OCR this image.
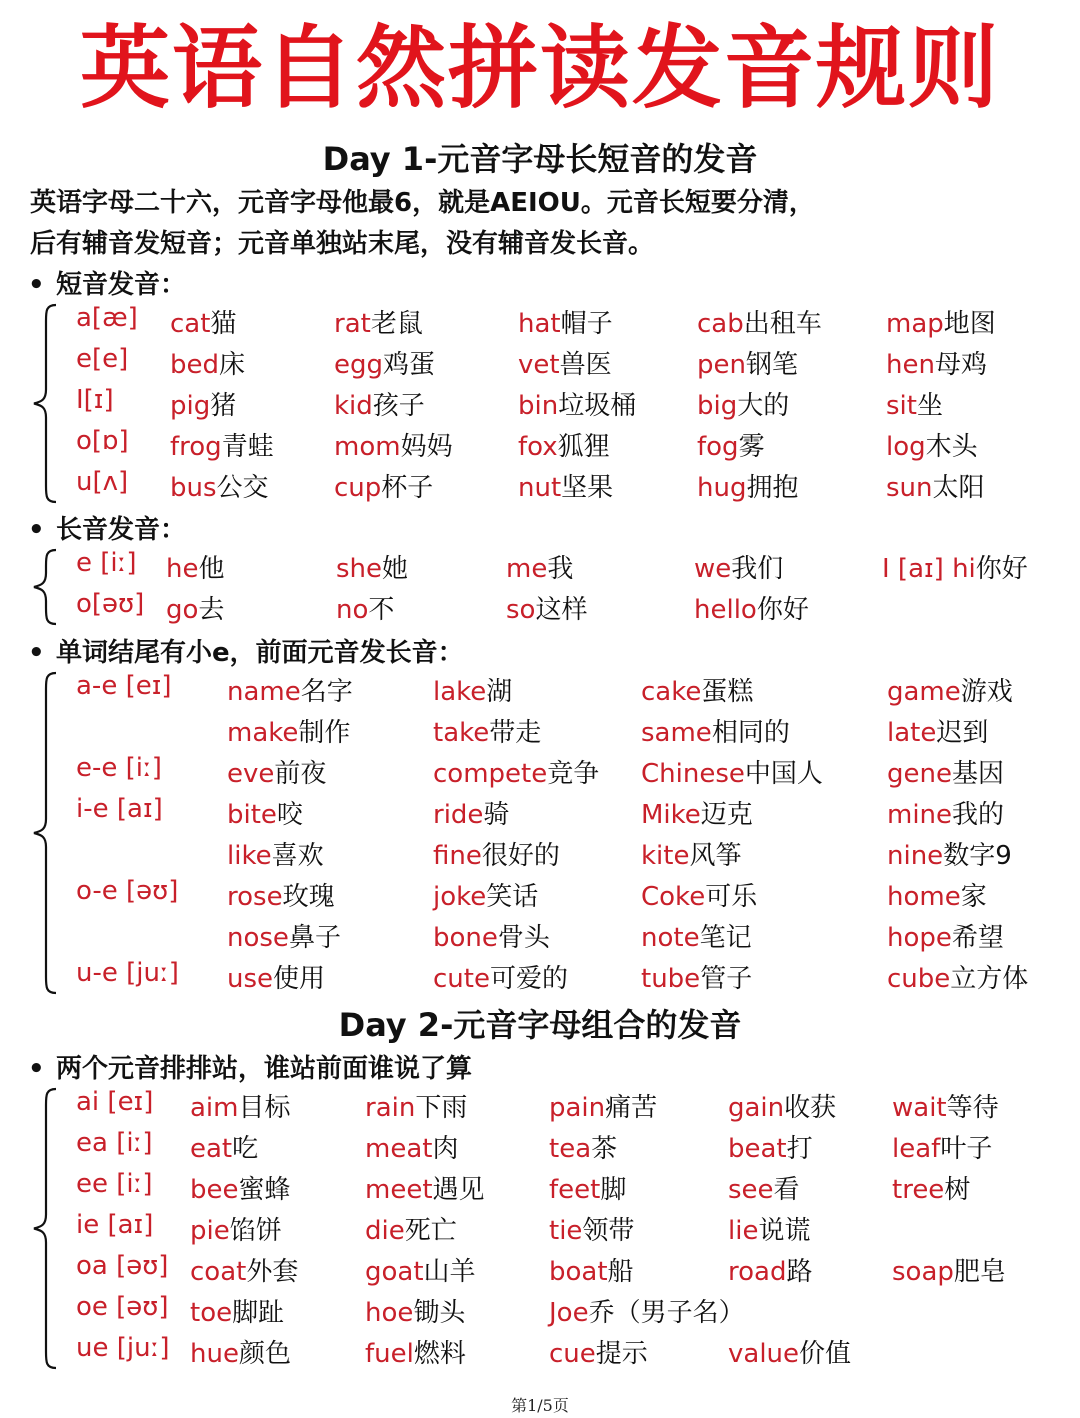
英语自然拼读发音规则
Day 1-元音字母长短音的发音
英语字母二十六，元音字母他最6，就是AEIOU。元音长短要分清，
后有辅音发短音；元音单独站末尾，没有辅音发长音。
• 短音发音：
a[æ] cat猫	rat老鼠	hat帽子	cab出租车 map地图
e[e] bed床	egg鸡蛋	vet兽医	pen钢笔	hen母鸡
I[ɪ] pig猪	kid孩子	bin垃圾桶 big大的	sit坐
o[ɒ] frog青蛙 mom妈妈	fox狐狸	fog雾	log木头
u[ʌ] bus公交	cup杯子	nut坚果	hug拥抱	sun太阳
• 长音发音：
e [iː] he他	she她	me我	we我们	I [aɪ] hi你好
o[əʊ] go去	no不	so这样	hello你好
• 单词结尾有小e，前面元音发长音：
a-e [eɪ] name名字	lake湖	cake蛋糕	game游戏
make制作	take带走	same相同的	late迟到
e-e [iː]	eve前夜	compete竞争 Chinese中国人 gene基因
i-e [aɪ] bite咬	ride骑	Mike迈克	mine我的
like喜欢	fine很好的	kite风筝	nine数字9
o-e [əʊ] rose玫瑰	joke笑话	Coke可乐	home家
nose鼻子	bone骨头	note笔记	hope希望
u-e [juː] use使用	cute可爱的	tube管子	cube立方体
Day 2-元音字母组合的发音
• 两个元音排排站，谁站前面谁说了算
ai [eɪ] aim目标	rain下雨	pain痛苦	gain收获 wait等待
ea [iː] eat吃	meat肉	tea茶	beat打	leaf叶子
ee [iː] bee蜜蜂	meet遇见 feet脚	see看	tree树
ie [aɪ] pie馅饼	die死亡	tie领带	lie说谎
oa [əʊ] coat外套	goat山羊	boat船	road路	soap肥皂
oe [əʊ] toe脚趾	hoe锄头	Joe乔（男子名）
ue [juː] hue颜色	fuel燃料	cue提示	value价值
第1/5页
